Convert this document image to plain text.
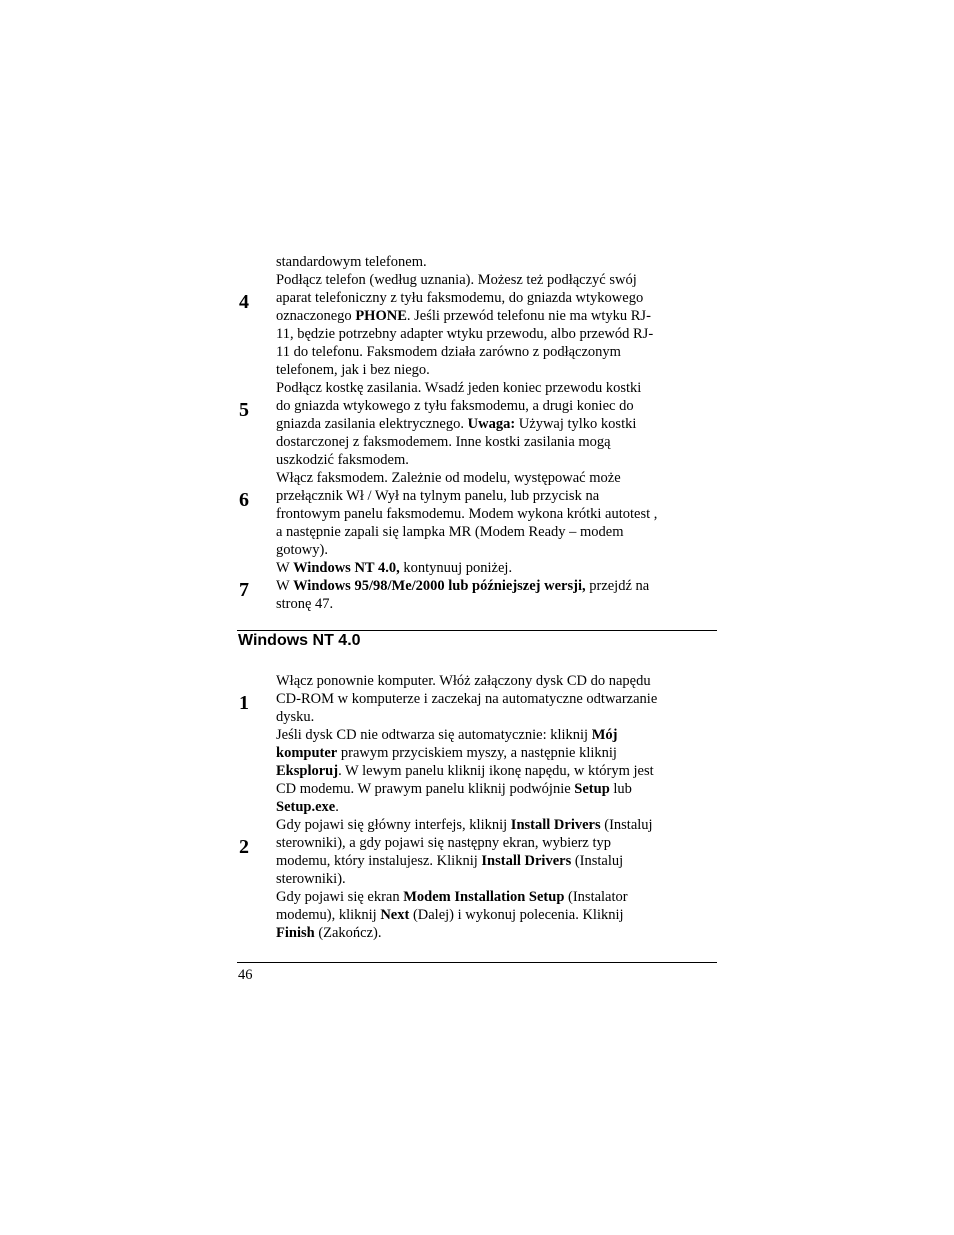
standardowym telefonem.
4
Podłącz telefon (według uznania). Możesz też podłączyć swój
aparat telefoniczny z tyłu faksmodemu, do gniazda wtykowego
oznaczonego PHONE. Jeśli przewód telefonu nie ma wtyku RJ-
11, będzie potrzebny adapter wtyku przewodu, albo przewód RJ-
11 do telefonu. Faksmodem działa zarówno z podłączonym
telefonem, jak i bez niego.
5
Podłącz kostkę zasilania. Wsadź jeden koniec przewodu kostki
do gniazda wtykowego z tyłu faksmodemu, a drugi koniec do
gniazda zasilania elektrycznego. Uwaga: Używaj tylko kostki
dostarczonej z faksmodemem. Inne kostki zasilania mogą
uszkodzić faksmodem.
6
Włącz faksmodem. Zależnie od modelu, występować może
przełącznik Wł / Wył na tylnym panelu, lub przycisk na
frontowym panelu faksmodemu. Modem wykona krótki autotest ,
a następnie zapali się lampka MR (Modem Ready – modem
gotowy).
7
W Windows NT 4.0, kontynuuj poniżej.
W Windows 95/98/Me/2000 lub późniejszej wersji, przejdź na
stronę 47.
Windows NT 4.0
1
Włącz ponownie komputer. Włóż załączony dysk CD do napędu
CD-ROM w komputerze i zaczekaj na automatyczne odtwarzanie
dysku.
Jeśli dysk CD nie odtwarza się automatycznie: kliknij Mój
komputer prawym przyciskiem myszy, a następnie kliknij
Eksploruj. W lewym panelu kliknij ikonę napędu, w którym jest
CD modemu. W prawym panelu kliknij podwójnie Setup lub
Setup.exe.
2
Gdy pojawi się główny interfejs, kliknij Install Drivers (Instaluj
sterowniki), a gdy pojawi się następny ekran, wybierz typ
modemu, który instalujesz. Kliknij Install Drivers (Instaluj
sterowniki).
Gdy pojawi się ekran Modem Installation Setup (Instalator
modemu), kliknij Next (Dalej) i wykonuj polecenia. Kliknij
Finish (Zakończ).
46
